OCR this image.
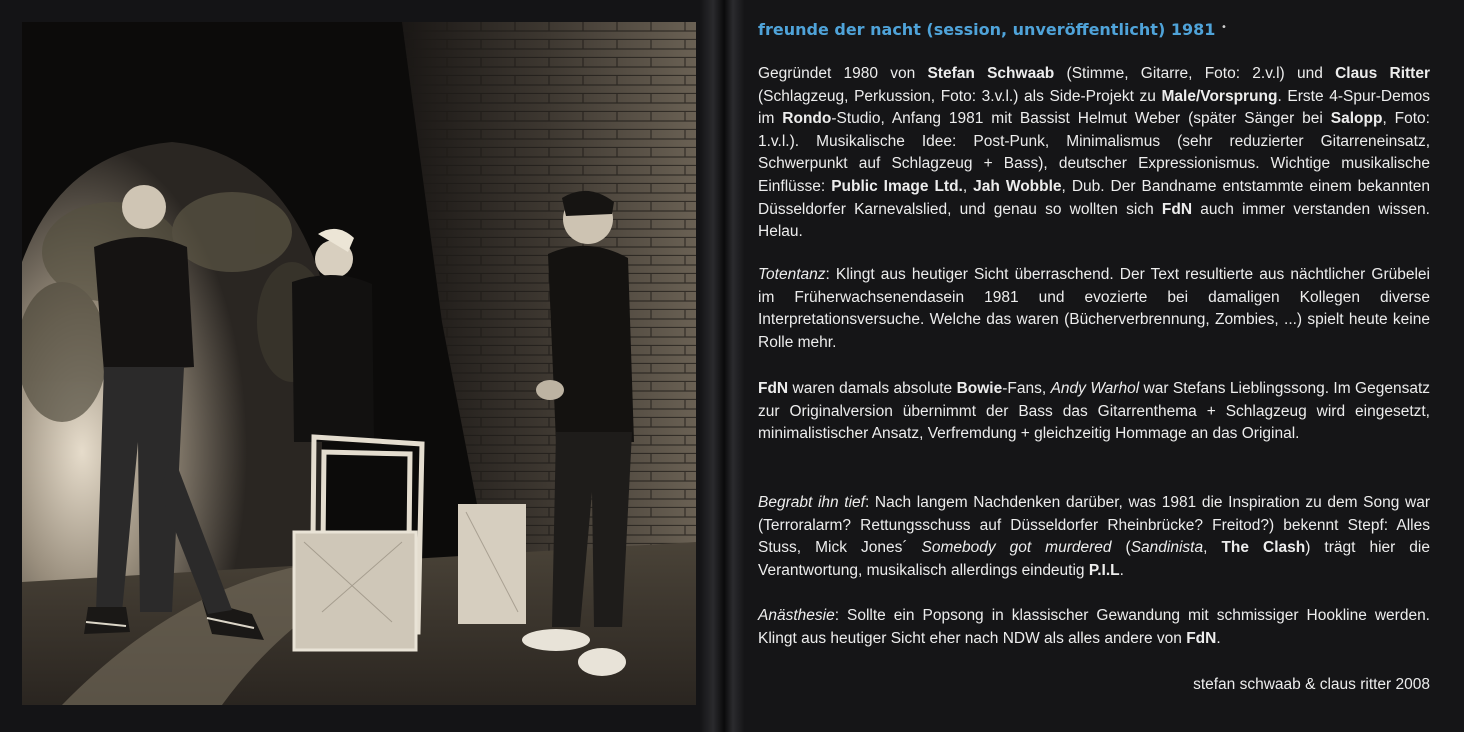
freunde der nacht (session, unveröffentlicht) 1981 •
Gegründet 1980 von Stefan Schwaab (Stimme, Gitarre, Foto: 2.v.l) und Claus Ritter (Schlagzeug, Perkussion, Foto: 3.v.l.) als Side-Projekt zu Male/Vorsprung. Erste 4-Spur-Demos im Rondo-Studio, Anfang 1981 mit Bassist Helmut Weber (später Sänger bei Salopp, Foto: 1.v.l.). Musikalische Idee: Post-Punk, Minimalismus (sehr reduzierter Gitarreneinsatz, Schwerpunkt auf Schlagzeug + Bass), deutscher Expressionismus. Wichtige musikalische Einflüsse: Public Image Ltd., Jah Wobble, Dub. Der Bandname entstammte einem bekannten Düsseldorfer Karnevalslied, und genau so wollten sich FdN auch immer verstanden wissen. Helau.
Totentanz: Klingt aus heutiger Sicht überraschend. Der Text resultierte aus nächtlicher Grübelei im Früherwachsenendasein 1981 und evozierte bei damaligen Kollegen diverse Interpretationsversuche. Welche das waren (Bücherverbrennung, Zombies, ...) spielt heute keine Rolle mehr.
FdN waren damals absolute Bowie-Fans, Andy Warhol war Stefans Lieblingssong. Im Gegensatz zur Originalversion übernimmt der Bass das Gitarrenthema + Schlagzeug wird eingesetzt, minimalistischer Ansatz, Verfremdung + gleichzeitig Hommage an das Original.
Begrabt ihn tief: Nach langem Nachdenken darüber, was 1981 die Inspiration zu dem Song war (Terroralarm? Rettungsschuss auf Düsseldorfer Rheinbrücke? Freitod?) bekennt Stepf: Alles Stuss, Mick Jones´ Somebody got murdered (Sandinista, The Clash) trägt hier die Verantwortung, musikalisch allerdings eindeutig P.I.L.
Anästhesie: Sollte ein Popsong in klassischer Gewandung mit schmissiger Hookline werden. Klingt aus heutiger Sicht eher nach NDW als alles andere von FdN.
stefan schwaab & claus ritter 2008
